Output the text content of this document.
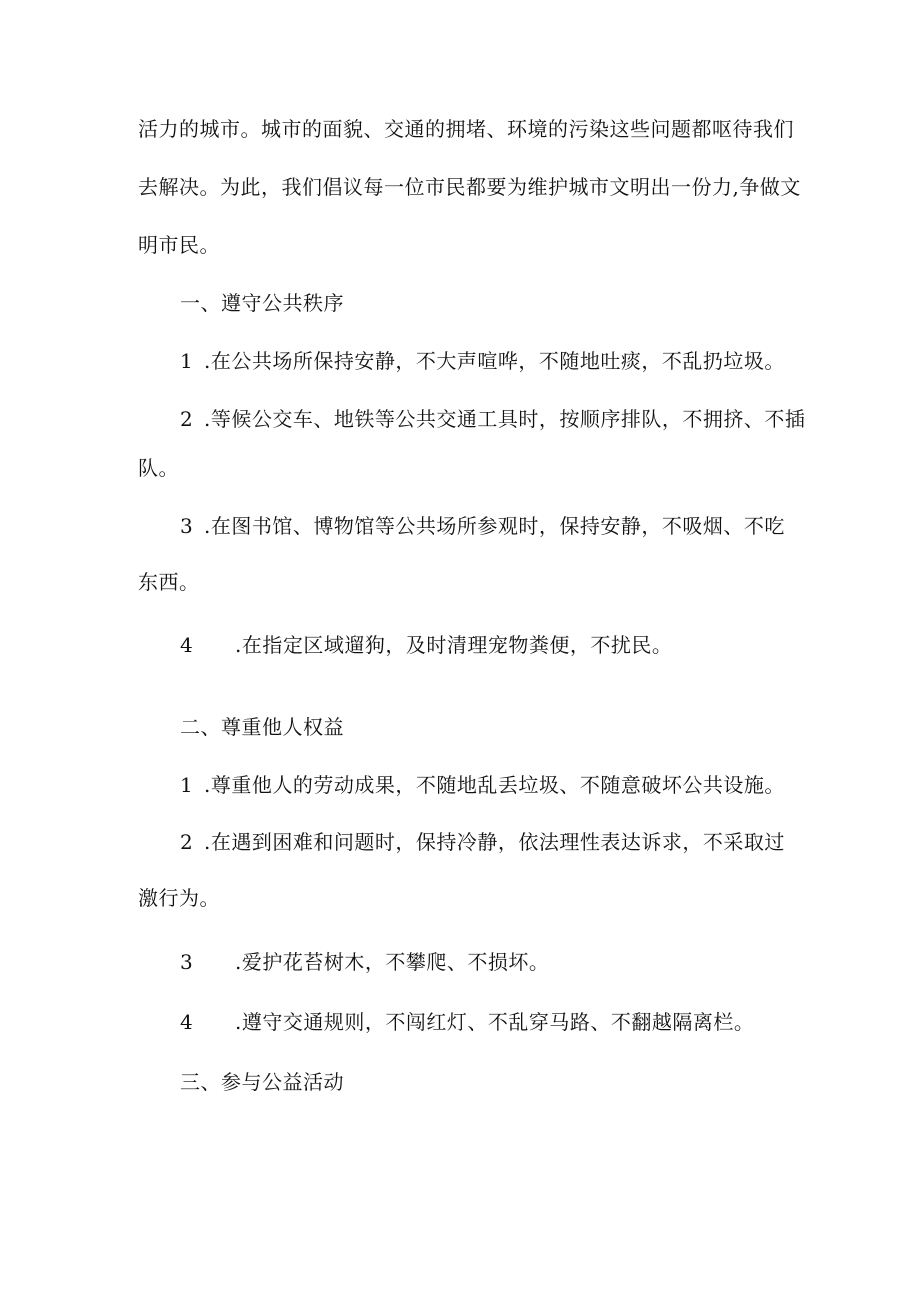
活力的城市。城市的面貌、交通的拥堵、环境的污染这些问题都呕待我们
去解决。为此，我们倡议每一位市民都要为维护城市文明出一份力,争做文
明市民。
一、遵守公共秩序
1 .在公共场所保持安静，不大声喧哗，不随地吐痰，不乱扔垃圾。
2 .等候公交车、地铁等公共交通工具时，按顺序排队，不拥挤、不插
队。
3 .在图书馆、博物馆等公共场所参观时，保持安静，不吸烟、不吃
东西。
4 .在指定区域遛狗，及时清理宠物粪便，不扰民。
二、尊重他人权益
1 .尊重他人的劳动成果，不随地乱丢垃圾、不随意破坏公共设施。
2 .在遇到困难和问题时，保持冷静，依法理性表达诉求，不采取过
激行为。
3 .爱护花苔树木，不攀爬、不损坏。
4 .遵守交通规则，不闯红灯、不乱穿马路、不翻越隔离栏。
三、参与公益活动
